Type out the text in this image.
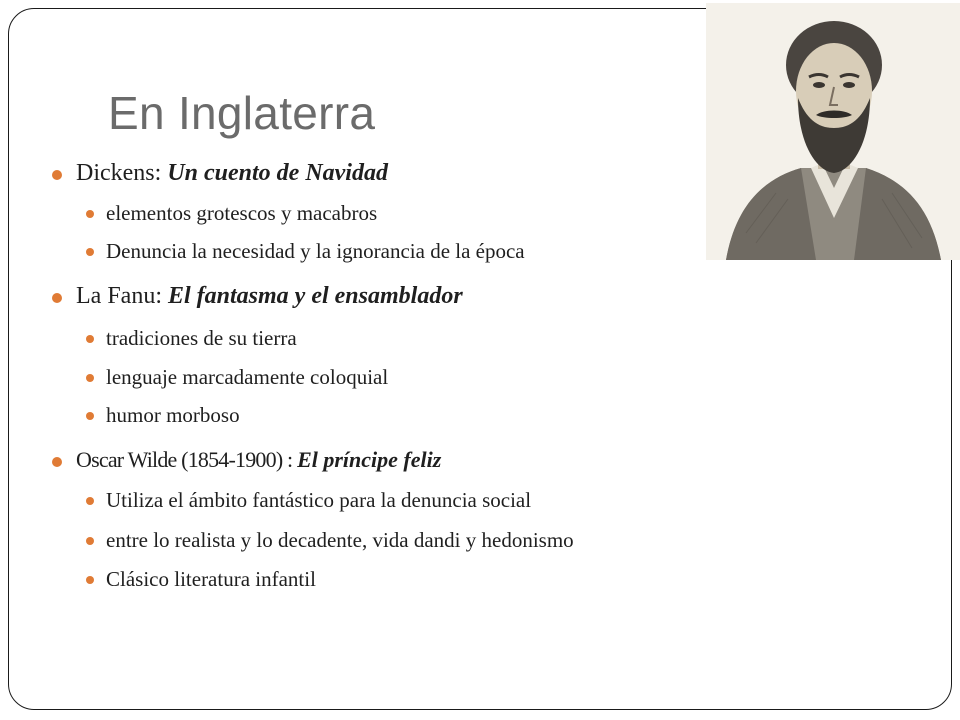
En Inglaterra
Dickens: Un cuento de Navidad
elementos grotescos y macabros
Denuncia la necesidad y la ignorancia de la época
La Fanu: El fantasma y el ensamblador
tradiciones de su tierra
lenguaje marcadamente coloquial
humor morboso
Oscar Wilde (1854-1900) : El príncipe feliz
Utiliza el ámbito fantástico para la denuncia social
entre lo realista y lo decadente, vida dandi y hedonismo
Clásico literatura infantil
